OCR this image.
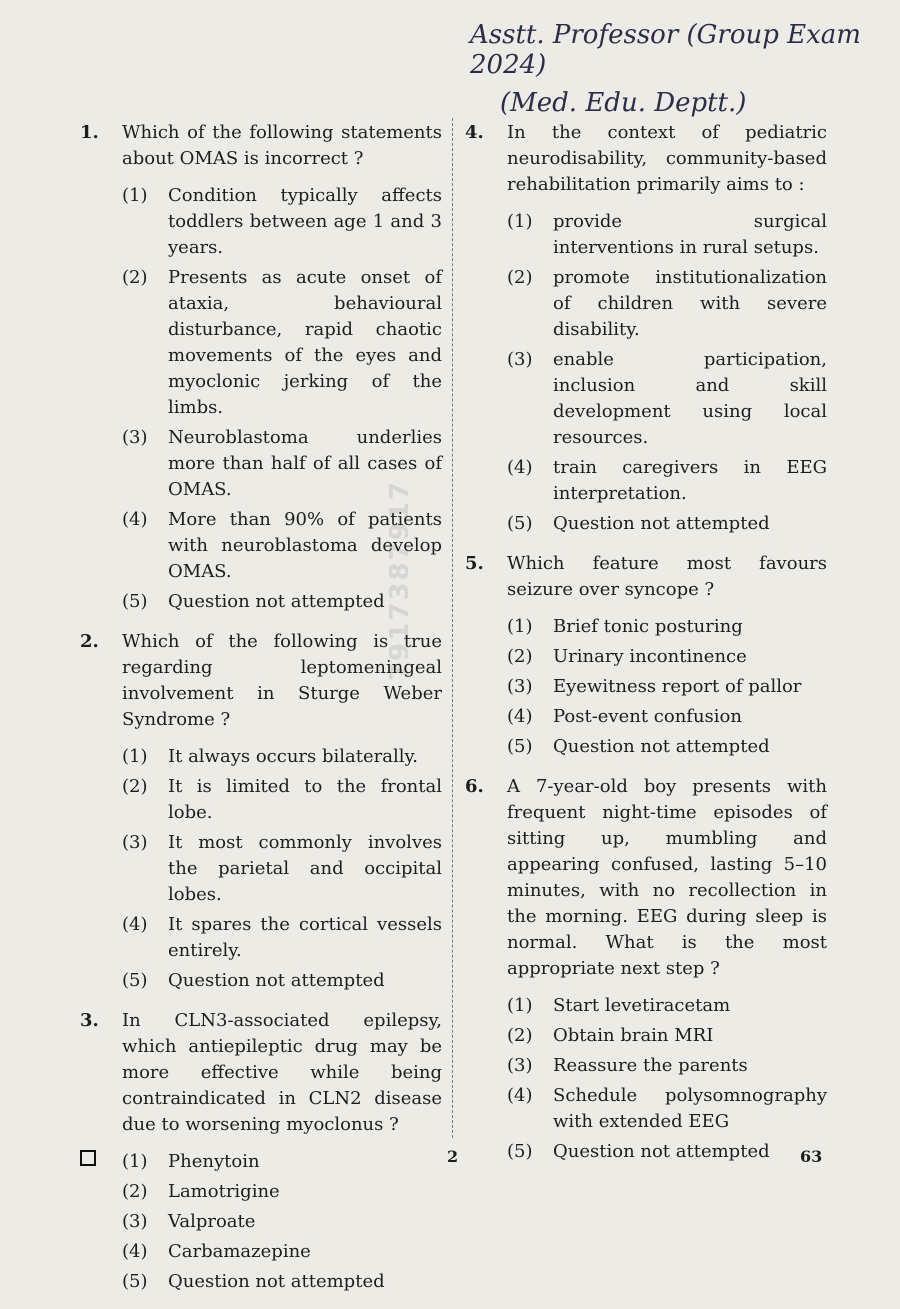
Asstt. Professor (Group Exam 2024)
(Med. Edu. Deptt.)
7917387917
1.	Which of the following statements about OMAS is incorrect ?
(1)	Condition typically affects toddlers between age 1 and 3 years.
(2)	Presents as acute onset of ataxia, behavioural disturbance, rapid chaotic movements of the eyes and myoclonic jerking of the limbs.
(3)	Neuroblastoma underlies more than half of all cases of OMAS.
(4)	More than 90% of patients with neuroblastoma develop OMAS.
(5)	Question not attempted
2.	Which of the following is true regarding leptomeningeal involvement in Sturge Weber Syndrome ?
(1)	It always occurs bilaterally.
(2)	It is limited to the frontal lobe.
(3)	It most commonly involves the parietal and occipital lobes.
(4)	It spares the cortical vessels entirely.
(5)	Question not attempted
3.	In CLN3-associated epilepsy, which antiepileptic drug may be more effective while being contraindicated in CLN2 disease due to worsening myoclonus ?
(1)	Phenytoin
(2)	Lamotrigine
(3)	Valproate
(4)	Carbamazepine
(5)	Question not attempted
4.	In the context of pediatric neurodisability, community-based rehabilitation primarily aims to :
(1)	provide surgical interventions in rural setups.
(2)	promote institutionalization of children with severe disability.
(3)	enable participation, inclusion and skill development using local resources.
(4)	train caregivers in EEG interpretation.
(5)	Question not attempted
5.	Which feature most favours seizure over syncope ?
(1)	Brief tonic posturing
(2)	Urinary incontinence
(3)	Eyewitness report of pallor
(4)	Post-event confusion
(5)	Question not attempted
6.	A 7-year-old boy presents with frequent night-time episodes of sitting up, mumbling and appearing confused, lasting 5–10 minutes, with no recollection in the morning. EEG during sleep is normal. What is the most appropriate next step ?
(1)	Start levetiracetam
(2)	Obtain brain MRI
(3)	Reassure the parents
(4)	Schedule polysomnography with extended EEG
(5)	Question not attempted
2	63
